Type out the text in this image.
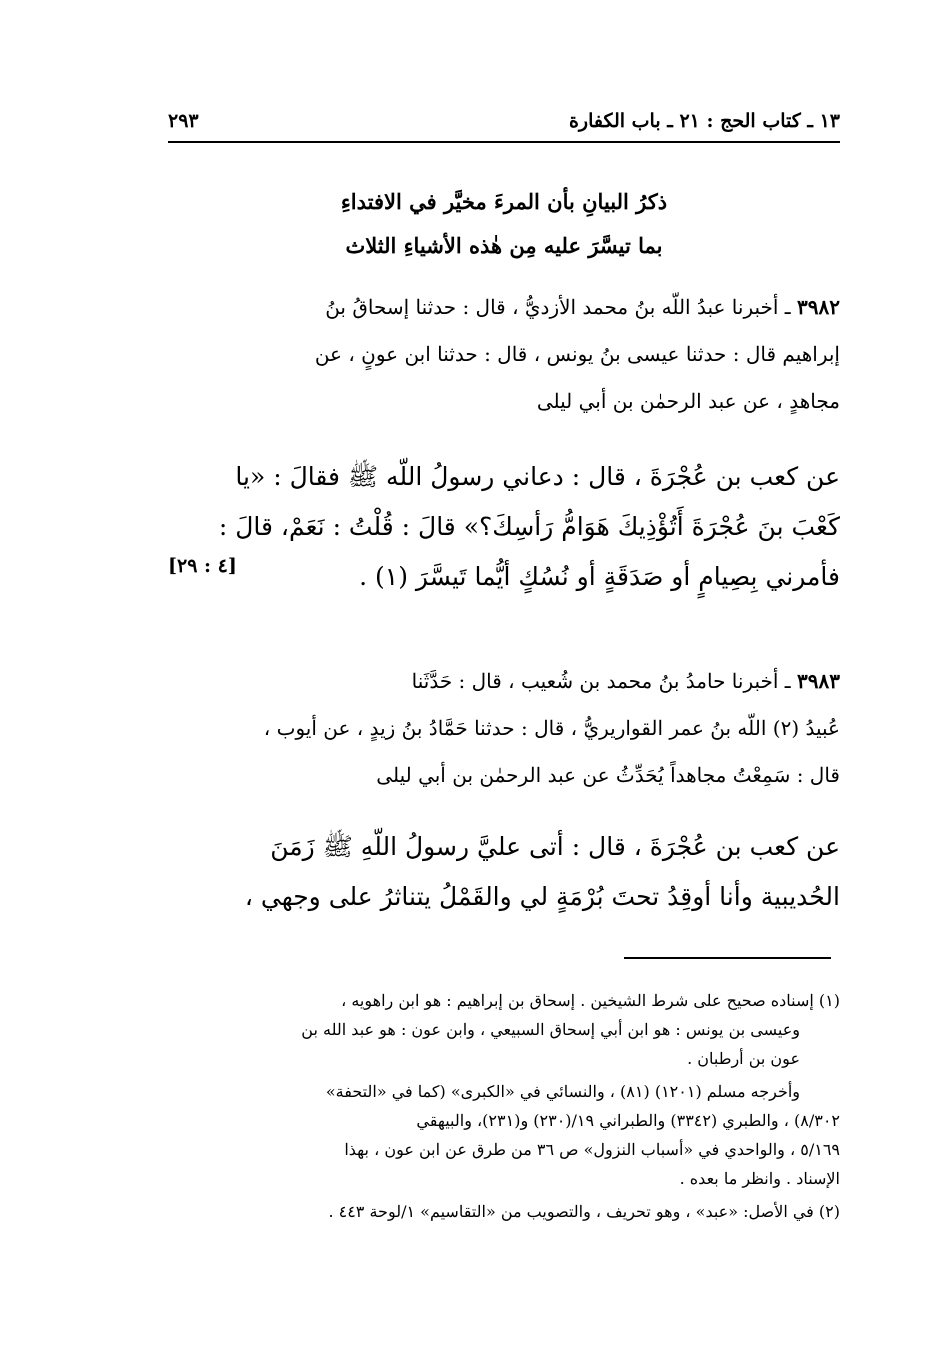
١٣ ـ كتاب الحج : ٢١ ـ باب الكفارة
٢٩٣
ذكرُ البيانِ بأن المرءَ مخيَّر في الافتداءِ
بما تيسَّرَ عليه مِن هٰذه الأشياءِ الثلاث
٣٩٨٢ ـ أخبرنا عبدُ اللّه بنُ محمد الأزديُّ ، قال : حدثنا إسحاقُ بنُ
إبراهيم قال : حدثنا عيسى بنُ يونس ، قال : حدثنا ابن عونٍ ، عن
مجاهدٍ ، عن عبد الرحمٰن بن أبي ليلى
عن كعب بن عُجْرَةَ ، قال : دعاني رسولُ اللّه ﷺ فقالَ : «يا
كَعْبَ بنَ عُجْرَةَ أَتُؤْذِيكَ هَوَامُّ رَأسِكَ؟» قالَ : قُلْتُ : نَعَمْ، قالَ :
فأمرني بِصِيامٍ أو صَدَقَةٍ أو نُسُكٍ أيُّما تَيسَّرَ (١) .
[٤ : ٢٩]
٣٩٨٣ ـ أخبرنا حامدُ بنُ محمد بن شُعيب ، قال : حَدَّثَنا
عُبيدُ (٢) اللّه بنُ عمر القواريريُّ ، قال : حدثنا حَمَّادُ بنُ زيدٍ ، عن أيوب ،
قال : سَمِعْتُ مجاهداً يُحَدِّثُ عن عبد الرحمٰن بن أبي ليلى
عن كعب بن عُجْرَةَ ، قال : أتى عليَّ رسولُ اللّهِ ﷺ زَمَنَ
الحُديبية وأنا أوقِدُ تحتَ بُرْمَةٍ لي والقَمْلُ يتناثرُ على وجهي ،
(١) إسناده صحيح على شرط الشيخين . إسحاق بن إبراهيم : هو ابن راهويه ،
وعيسى بن يونس : هو ابن أبي إسحاق السبيعي ، وابن عون : هو عبد الله بن
عون بن أرطبان .
وأخرجه مسلم (١٢٠١) (٨١) ، والنسائي في «الكبرى» (كما في «التحفة»
٨/٣٠٢) ، والطبري (٣٣٤٢) والطبراني ١٩/(٢٣٠) و(٢٣١)، والبيهقي
٥/١٦٩ ، والواحدي في «أسباب النزول» ص ٣٦ من طرق عن ابن عون ، بهذا
الإسناد . وانظر ما بعده .
(٢) في الأصل: «عبد» ، وهو تحريف ، والتصويب من «التقاسيم» ١/لوحة ٤٤٣ .
